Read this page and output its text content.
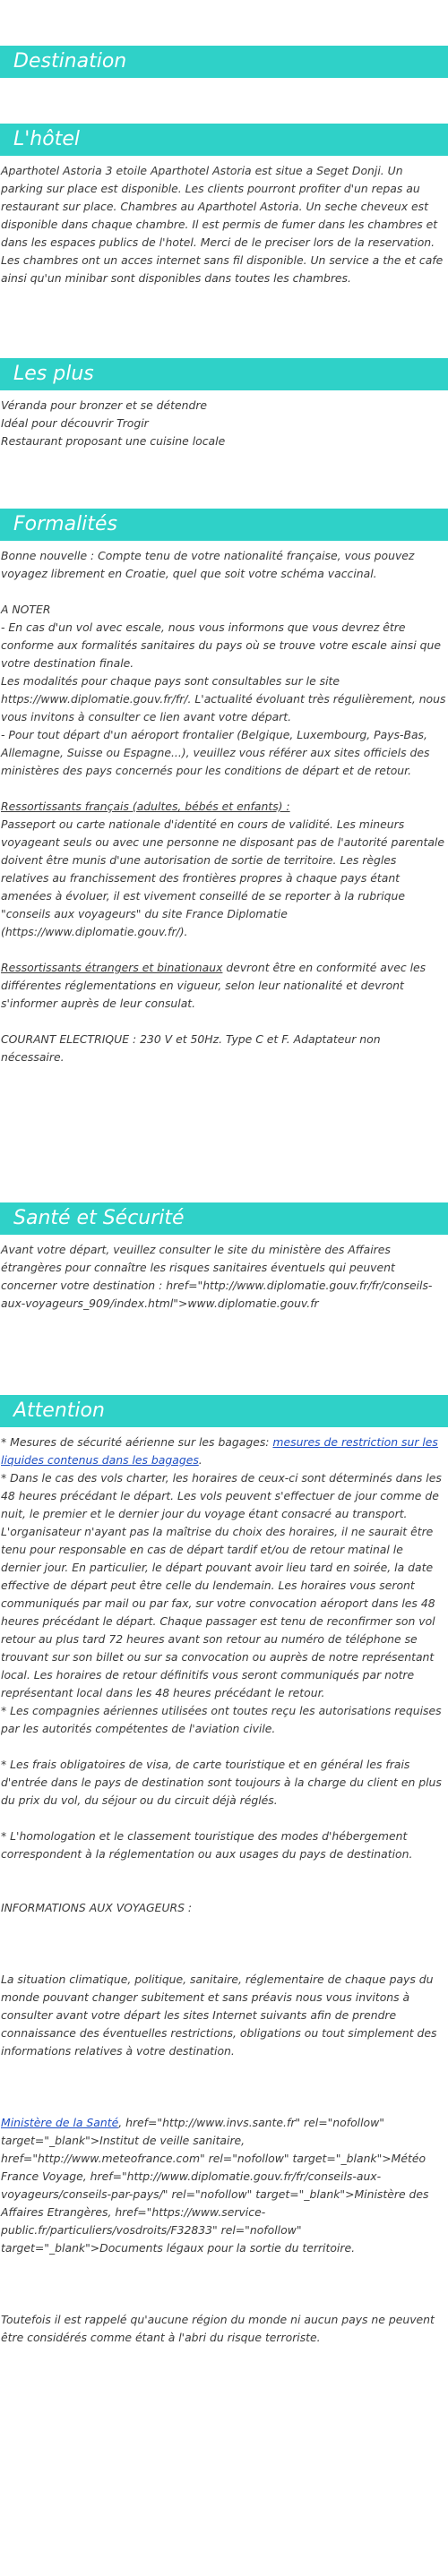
Destination
L'hôtel

Aparthotel Astoria 3 etoile Aparthotel Astoria est situe a Seget Donji. Un parking sur place est disponible. Les clients pourront profiter d'un repas au restaurant sur place. Chambres au Aparthotel Astoria. Un seche cheveux est disponible dans chaque chambre. Il est permis de fumer dans les chambres et dans les espaces publics de l'hotel. Merci de le preciser lors de la reservation. Les chambres ont un acces internet sans fil disponible. Un service a the et cafe ainsi qu'un minibar sont disponibles dans toutes les chambres.

Les plus
Véranda pour bronzer et se détendre
Idéal pour découvrir Trogir
Restaurant proposant une cuisine locale
Formalités

Bonne nouvelle : Compte tenu de votre nationalité française, vous pouvez voyagez librement en Croatie, quel que soit votre schéma vaccinal.

A NOTER

- En cas d'un vol avec escale, nous vous informons que vous devrez être conforme aux formalités sanitaires du pays où se trouve votre escale ainsi que votre destination finale.

Les modalités pour chaque pays sont consultables sur le site https://www.diplomatie.gouv.fr/fr/. L'actualité évoluant très régulièrement, nous vous invitons à consulter ce lien avant votre départ.

- Pour tout départ d'un aéroport frontalier (Belgique, Luxembourg, Pays-Bas, Allemagne, Suisse ou Espagne...), veuillez vous référer aux sites officiels des ministères des pays concernés pour les conditions de départ et de retour.

Ressortissants français (adultes, bébés et enfants) :

Passeport ou carte nationale d'identité en cours de validité. Les mineurs voyageant seuls ou avec une personne ne disposant pas de l'autorité parentale doivent être munis d'une autorisation de sortie de territoire. Les règles relatives au franchissement des frontières propres à chaque pays étant amenées à évoluer, il est vivement conseillé de se reporter à la rubrique "conseils aux voyageurs" du site France Diplomatie (https://www.diplomatie.gouv.fr/).

Ressortissants étrangers et binationaux devront être en conformité avec les différentes réglementations en vigueur, selon leur nationalité et devront s'informer auprès de leur consulat.

COURANT ELECTRIQUE : 230 V et 50Hz. Type C et F. Adaptateur non nécessaire.

Santé et Sécurité

Avant votre départ, veuillez consulter le site du ministère des Affaires étrangères pour connaître les risques sanitaires éventuels qui peuvent concerner votre destination : href="http://www.diplomatie.gouv.fr/fr/conseils-aux-voyageurs_909/index.html">www.diplomatie.gouv.fr

Attention

* Mesures de sécurité aérienne sur les bagages: mesures de restriction sur les liquides contenus dans les bagages.

* Dans le cas des vols charter, les horaires de ceux-ci sont déterminés dans les 48 heures précédant le départ. Les vols peuvent s'effectuer de jour comme de nuit, le premier et le dernier jour du voyage étant consacré au transport. L'organisateur n'ayant pas la maîtrise du choix des horaires, il ne saurait être tenu pour responsable en cas de départ tardif et/ou de retour matinal le dernier jour. En particulier, le départ pouvant avoir lieu tard en soirée, la date effective de départ peut être celle du lendemain. Les horaires vous seront communiqués par mail ou par fax, sur votre convocation aéroport dans les 48 heures précédant le départ. Chaque passager est tenu de reconfirmer son vol retour au plus tard 72 heures avant son retour au numéro de téléphone se trouvant sur son billet ou sur sa convocation ou auprès de notre représentant local. Les horaires de retour définitifs vous seront communiqués par notre représentant local dans les 48 heures précédant le retour.

* Les compagnies aériennes utilisées ont toutes reçu les autorisations requises par les autorités compétentes de l'aviation civile.

* Les frais obligatoires de visa, de carte touristique et en général les frais d'entrée dans le pays de destination sont toujours à la charge du client en plus du prix du vol, du séjour ou du circuit déjà réglés.

* L'homologation et le classement touristique des modes d'hébergement correspondent à la réglementation ou aux usages du pays de destination.

INFORMATIONS AUX VOYAGEURS :

La situation climatique, politique, sanitaire, réglementaire de chaque pays du monde pouvant changer subitement et sans préavis nous vous invitons à consulter avant votre départ les sites Internet suivants afin de prendre connaissance des éventuelles restrictions, obligations ou tout simplement des informations relatives à votre destination.

Ministère de la Santé, href="http://www.invs.sante.fr" rel="nofollow" target="_blank">Institut de veille sanitaire, href="http://www.meteofrance.com" rel="nofollow" target="_blank">Météo France Voyage, href="http://www.diplomatie.gouv.fr/fr/conseils-aux-voyageurs/conseils-par-pays/" rel="nofollow" target="_blank">Ministère des Affaires Etrangères, href="https://www.service-public.fr/particuliers/vosdroits/F32833" rel="nofollow" target="_blank">Documents légaux pour la sortie du territoire.

Toutefois il est rappelé qu'aucune région du monde ni aucun pays ne peuvent être considérés comme étant à l'abri du risque terroriste.
